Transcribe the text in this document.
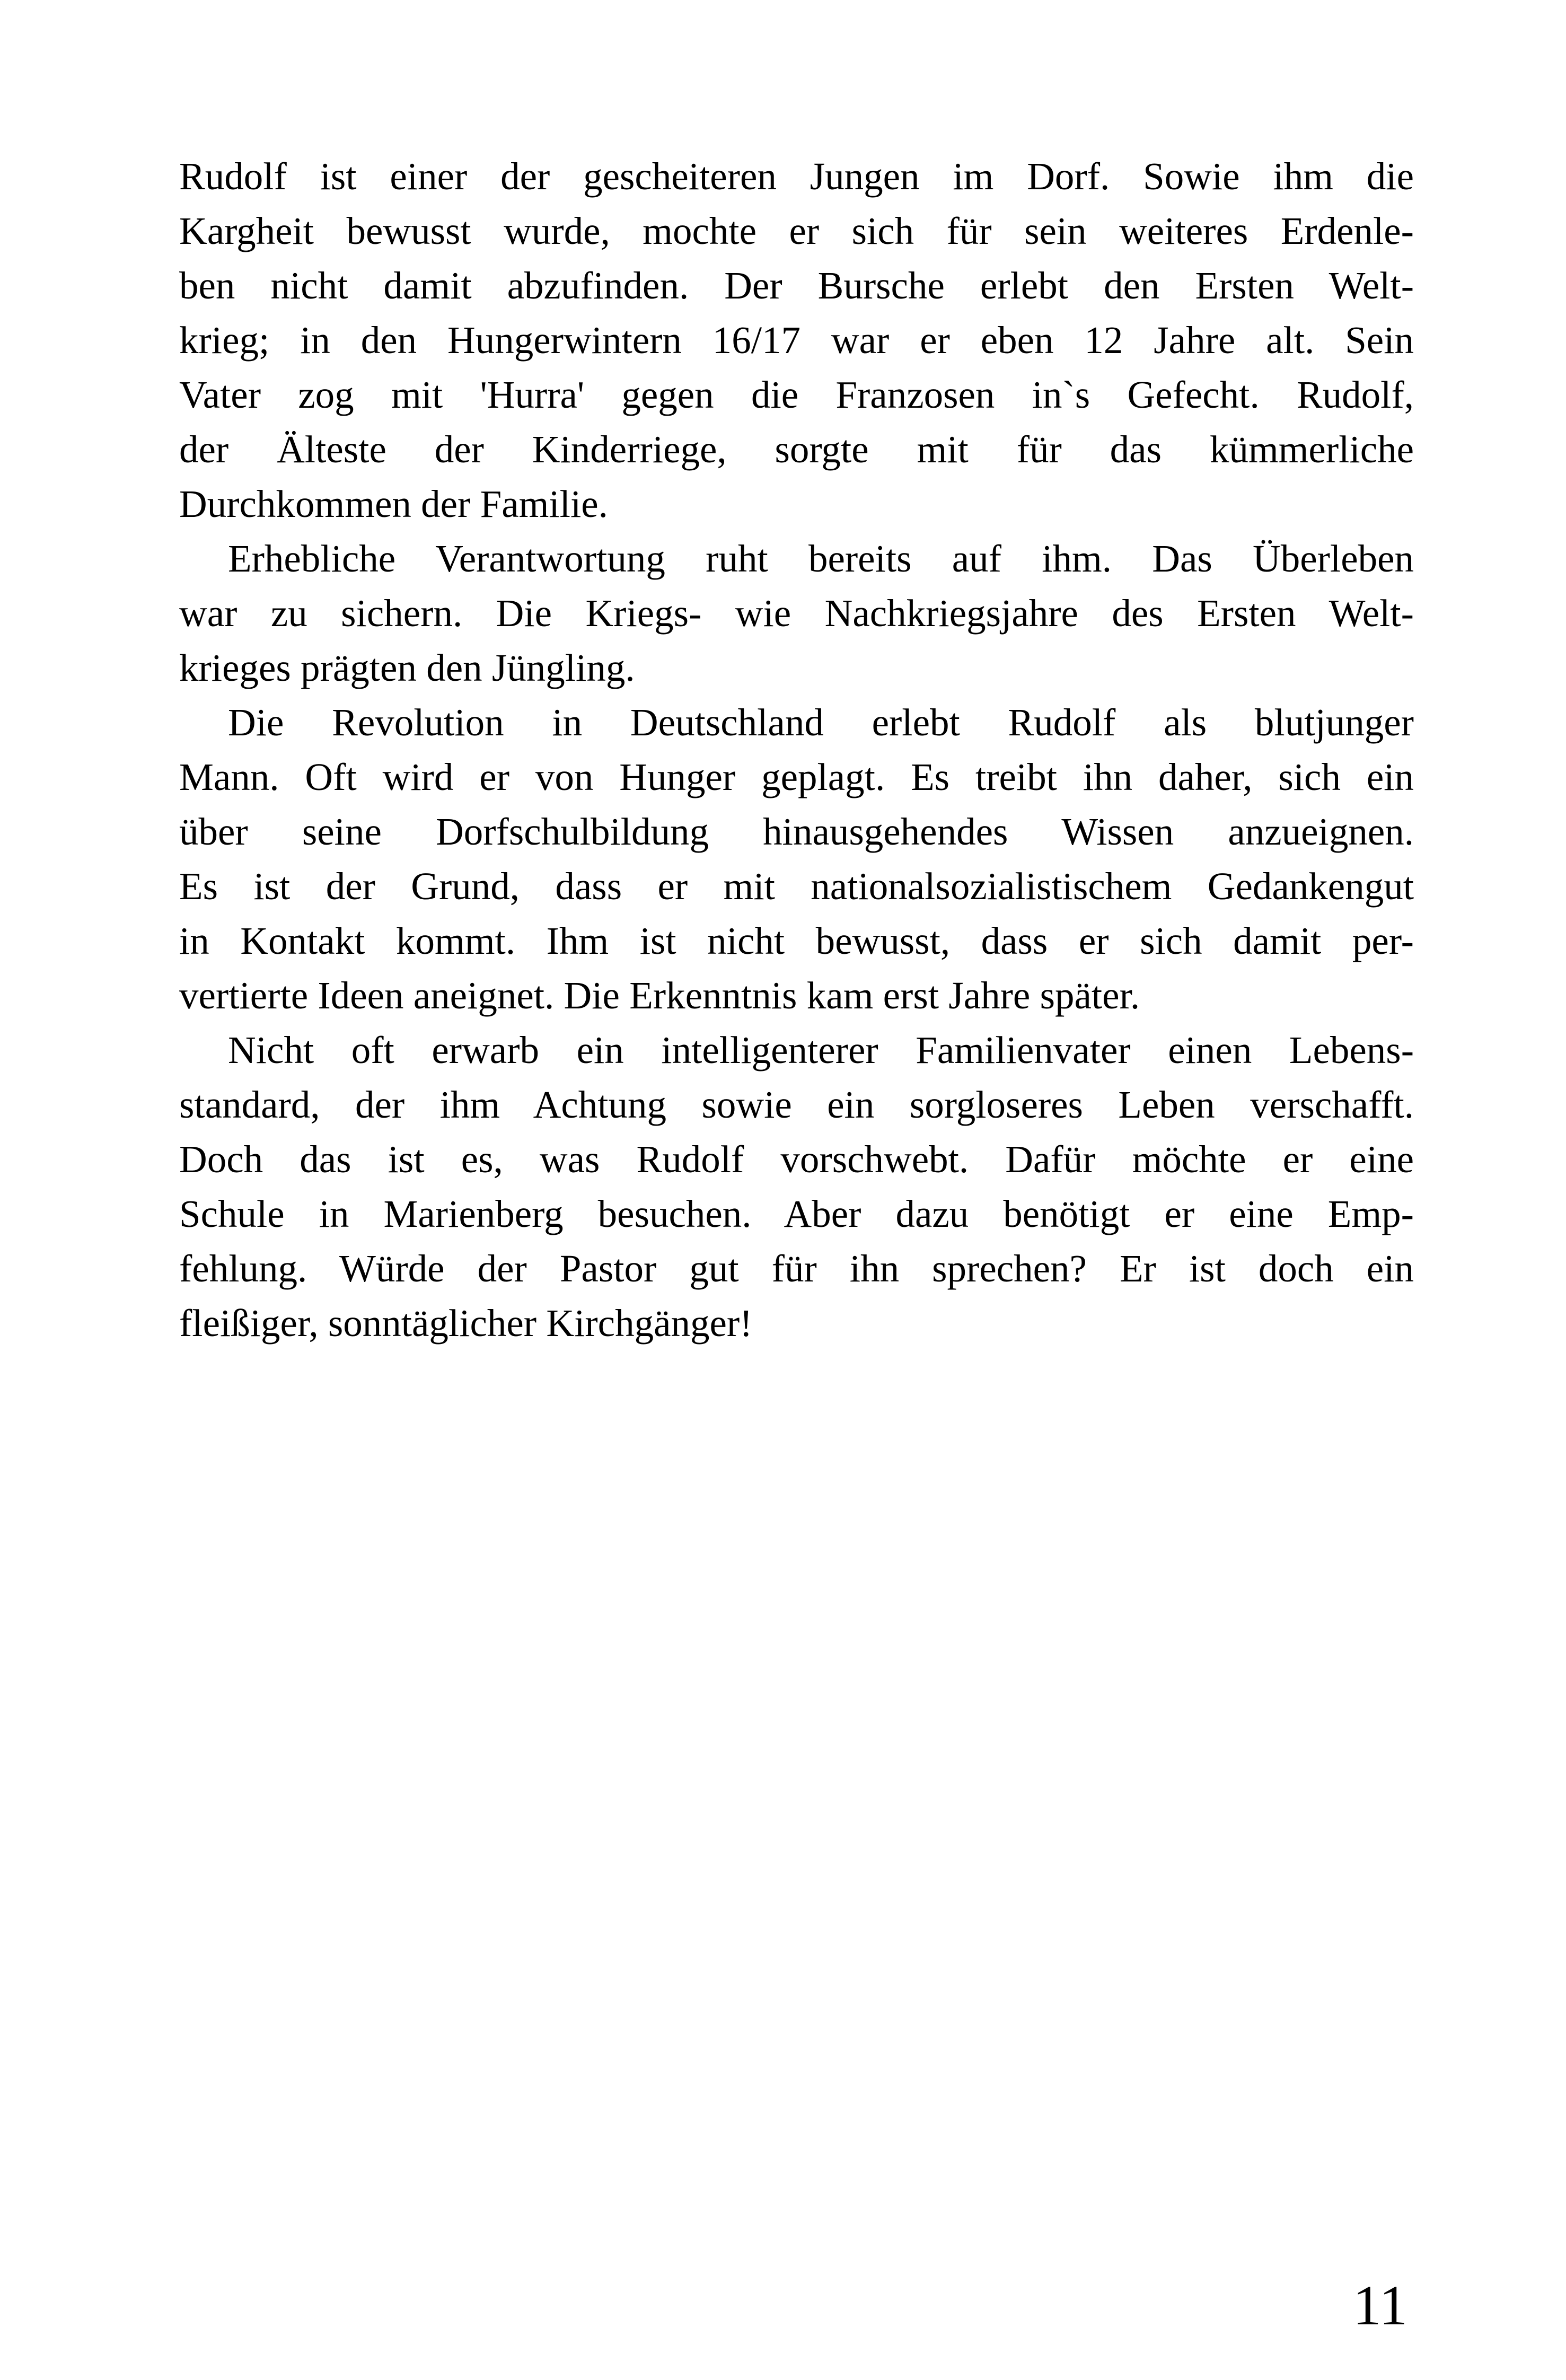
Rudolf ist einer der gescheiteren Jungen im Dorf. Sowie ihm die
Kargheit bewusst wurde, mochte er sich für sein weiteres Erdenle-
ben nicht damit abzufinden. Der Bursche erlebt den Ersten Welt-
krieg; in den Hungerwintern 16/17 war er eben 12 Jahre alt. Sein
Vater zog mit 'Hurra' gegen die Franzosen in`s Gefecht. Rudolf,
der Älteste der Kinderriege, sorgte mit für das kümmerliche
Durchkommen der Familie.

Erhebliche Verantwortung ruht bereits auf ihm. Das Überleben
war zu sichern. Die Kriegs- wie Nachkriegsjahre des Ersten Welt-
krieges prägten den Jüngling.

Die Revolution in Deutschland erlebt Rudolf als blutjunger
Mann. Oft wird er von Hunger geplagt. Es treibt ihn daher, sich ein
über seine Dorfschulbildung hinausgehendes Wissen anzueignen.
Es ist der Grund, dass er mit nationalsozialistischem Gedankengut
in Kontakt kommt. Ihm ist nicht bewusst, dass er sich damit per-
vertierte Ideen aneignet. Die Erkenntnis kam erst Jahre später.

Nicht oft erwarb ein intelligenterer Familienvater einen Lebens-
standard, der ihm Achtung sowie ein sorgloseres Leben verschafft.
Doch das ist es, was Rudolf vorschwebt. Dafür möchte er eine
Schule in Marienberg besuchen. Aber dazu benötigt er eine Emp-
fehlung. Würde der Pastor gut für ihn sprechen? Er ist doch ein
fleißiger, sonntäglicher Kirchgänger!

11
